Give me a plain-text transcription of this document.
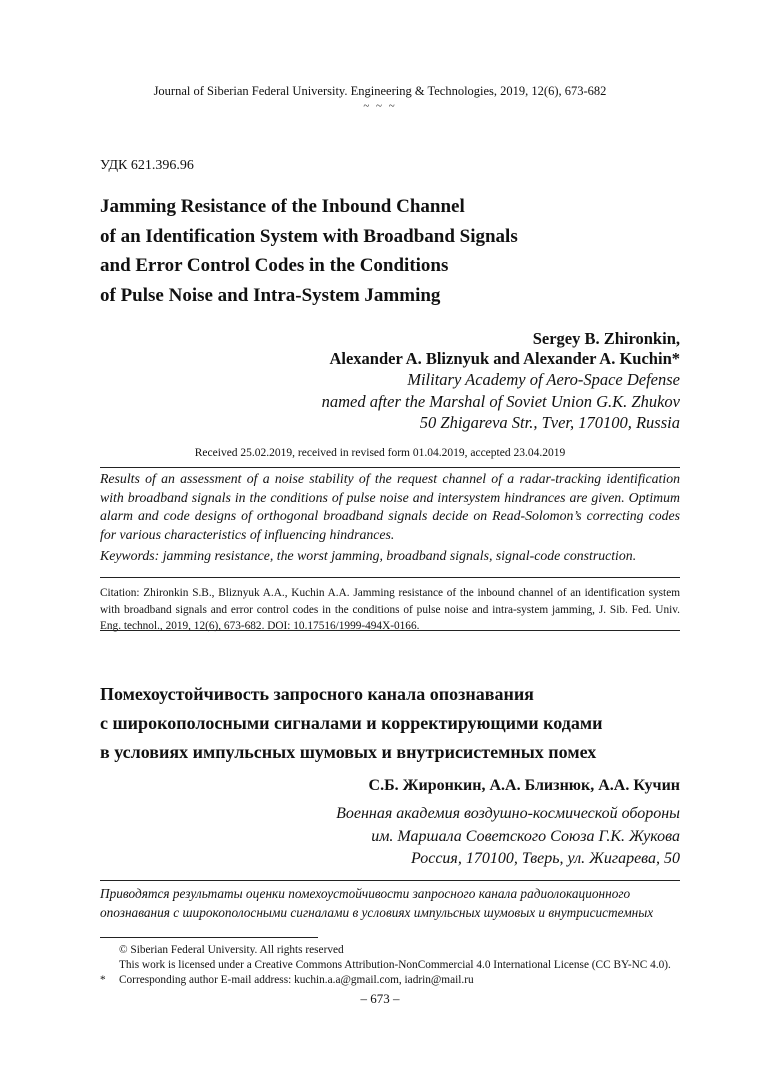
Journal of Siberian Federal University. Engineering & Technologies, 2019, 12(6), 673-682
~ ~ ~
УДК 621.396.96
Jamming Resistance of the Inbound Channel
of an Identification System with Broadband Signals
and Error Control Codes in the Conditions
of Pulse Noise and Intra-System Jamming
Sergey B. Zhironkin,
Alexander A. Bliznyuk and Alexander A. Kuchin*
Military Academy of Aero-Space Defense
named after the Marshal of Soviet Union G.K. Zhukov
50 Zhigareva Str., Tver, 170100, Russia
Received 25.02.2019, received in revised form 01.04.2019, accepted 23.04.2019
Results of an assessment of a noise stability of the request channel of a radar-tracking identification with broadband signals in the conditions of pulse noise and intersystem hindrances are given. Optimum alarm and code designs of orthogonal broadband signals decide on Read-Solomon’s correcting codes for various characteristics of influencing hindrances.
Keywords: jamming resistance, the worst jamming, broadband signals, signal-code construction.
Citation: Zhironkin S.B., Bliznyuk A.A., Kuchin A.A. Jamming resistance of the inbound channel of an identification system with broadband signals and error control codes in the conditions of pulse noise and intra-system jamming, J. Sib. Fed. Univ. Eng. technol., 2019, 12(6), 673-682. DOI: 10.17516/1999-494X-0166.
Помехоустойчивость запросного канала опознавания
с широкополосными сигналами и корректирующими кодами
в условиях импульсных шумовых и внутрисистемных помех
С.Б. Жиронкин, А.А. Близнюк, А.А. Кучин
Военная академия воздушно-космической обороны
им. Маршала Советского Союза Г.К. Жукова
Россия, 170100, Тверь, ул. Жигарева, 50
Приводятся результаты оценки помехоустойчивости запросного канала радиолокационного
опознавания с широкополосными сигналами в условиях импульсных шумовых и внутрисистемных
© Siberian Federal University. All rights reserved
This work is licensed under a Creative Commons Attribution-NonCommercial 4.0 International License (CC BY-NC 4.0).
* Corresponding author E-mail address: kuchin.a.a@gmail.com, iadrin@mail.ru
– 673 –
